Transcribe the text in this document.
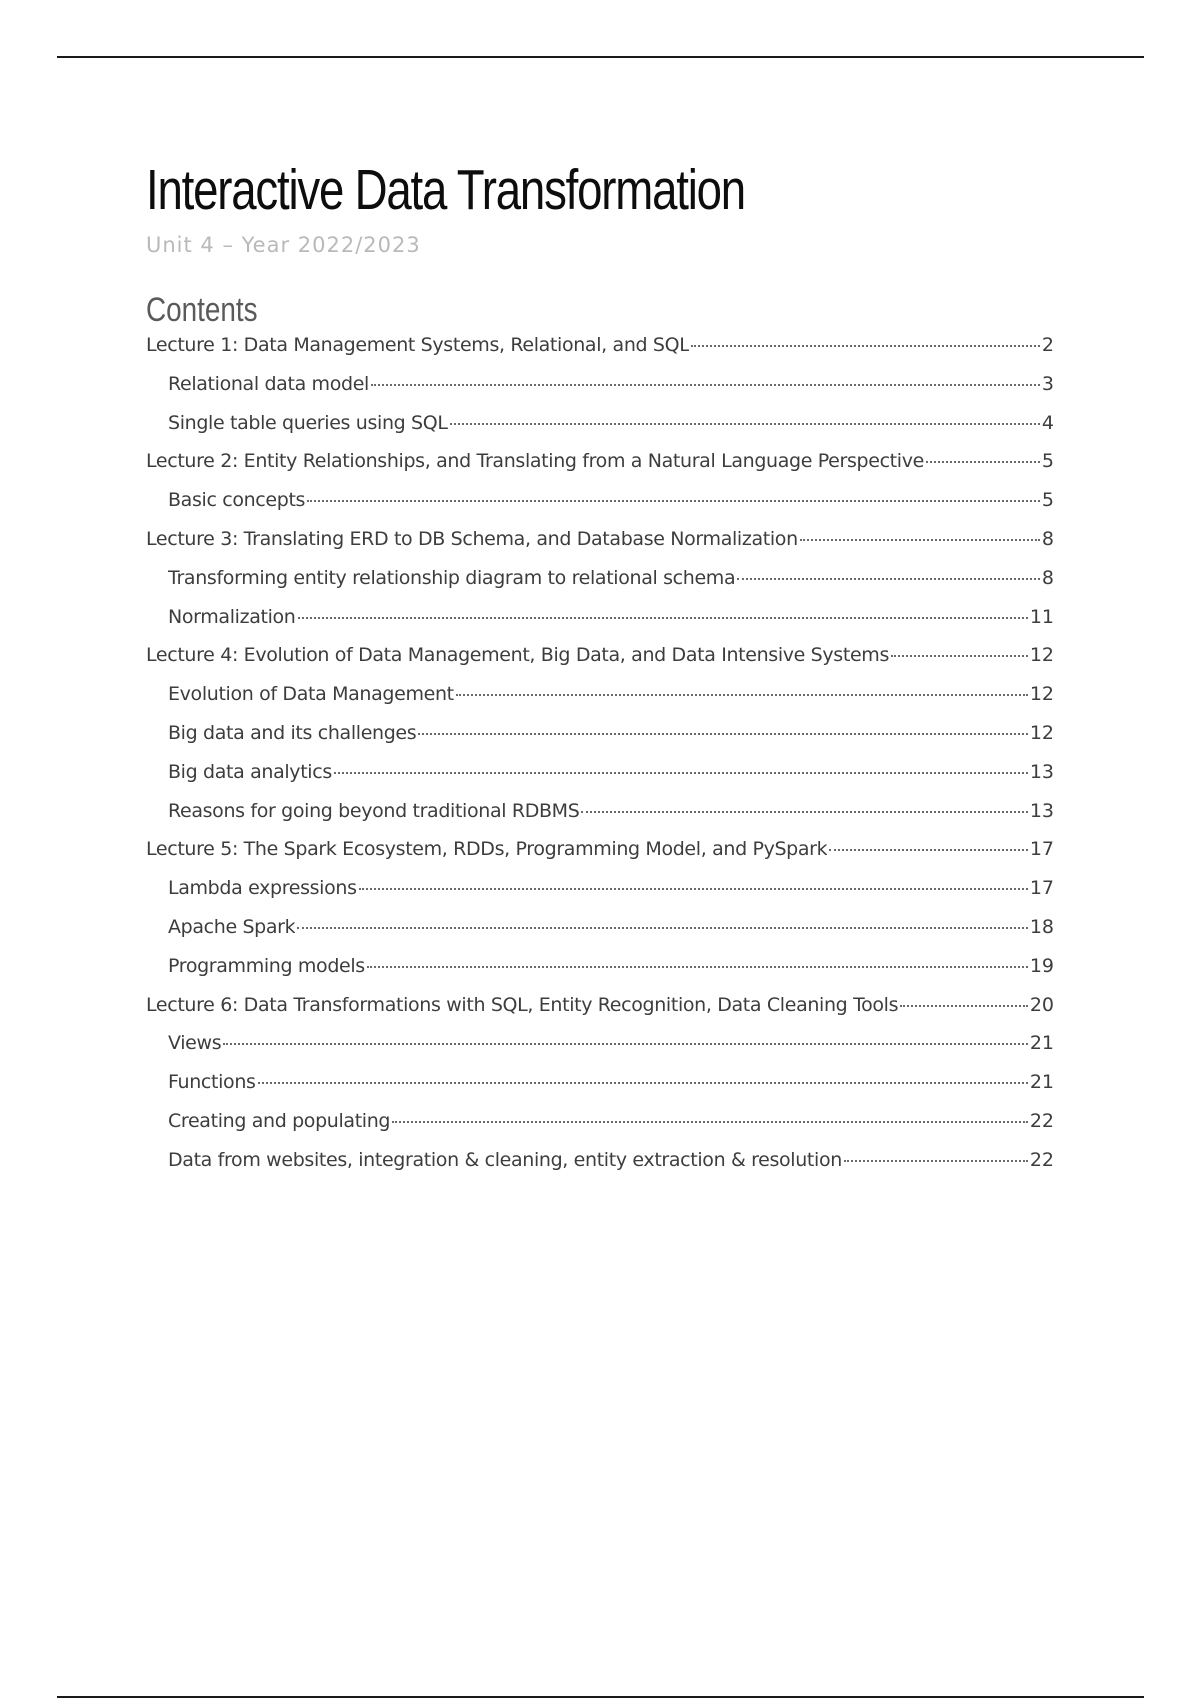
Interactive Data Transformation
Unit 4 – Year 2022/2023
Contents
Lecture 1: Data Management Systems, Relational, and SQL	2
Relational data model	3
Single table queries using SQL	4
Lecture 2: Entity Relationships, and Translating from a Natural Language Perspective	5
Basic concepts	5
Lecture 3: Translating ERD to DB Schema, and Database Normalization	8
Transforming entity relationship diagram to relational schema	8
Normalization	11
Lecture 4: Evolution of Data Management, Big Data, and Data Intensive Systems	12
Evolution of Data Management	12
Big data and its challenges	12
Big data analytics	13
Reasons for going beyond traditional RDBMS	13
Lecture 5: The Spark Ecosystem, RDDs, Programming Model, and PySpark	17
Lambda expressions	17
Apache Spark	18
Programming models	19
Lecture 6: Data Transformations with SQL, Entity Recognition, Data Cleaning Tools	20
Views	21
Functions	21
Creating and populating	22
Data from websites, integration & cleaning, entity extraction & resolution	22
